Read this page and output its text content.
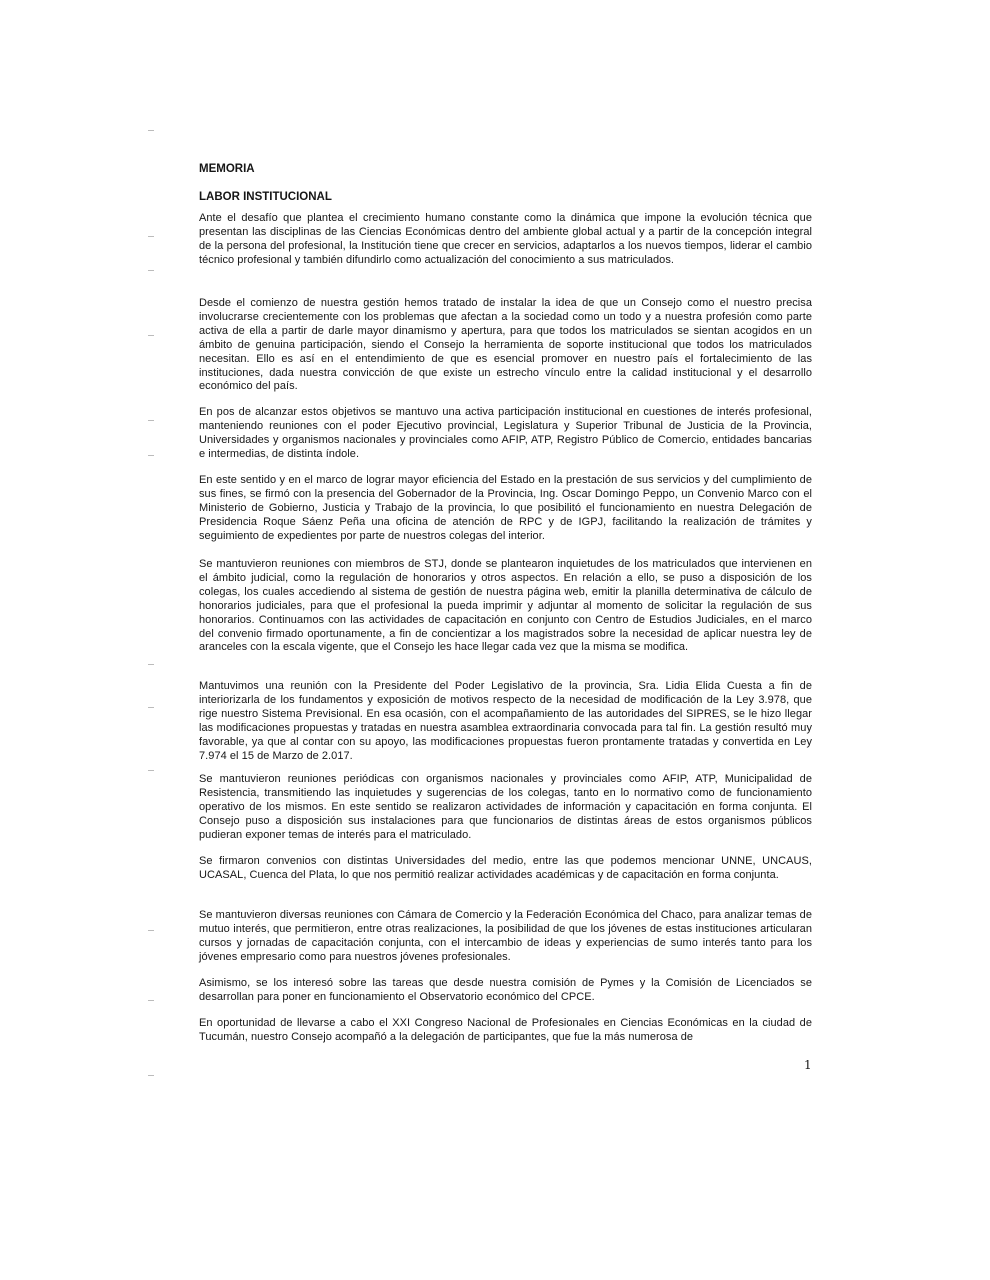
MEMORIA
LABOR INSTITUCIONAL

Ante el desafío que plantea el crecimiento humano constante como la dinámica que impone la evolución técnica que presentan las disciplinas de las Ciencias Económicas dentro del ambiente global actual y a partir de la concepción integral de la persona del profesional, la Institución tiene que crecer en servicios, adaptarlos a los nuevos tiempos, liderar el cambio técnico profesional y también difundirlo como actualización del conocimiento a sus matriculados.

Desde el comienzo de nuestra gestión hemos tratado de instalar la idea de que un Consejo como el nuestro precisa involucrarse crecientemente con los problemas que afectan a la sociedad como un todo y a nuestra profesión como parte activa de ella a partir de darle mayor dinamismo y apertura, para que todos los matriculados se sientan acogidos en un ámbito de genuina participación, siendo el Consejo la herramienta de soporte institucional que todos los matriculados necesitan. Ello es así en el entendimiento de que es esencial promover en nuestro país el fortalecimiento de las instituciones, dada nuestra convicción de que existe un estrecho vínculo entre la calidad institucional y el desarrollo económico del país.

En pos de alcanzar estos objetivos se mantuvo una activa participación institucional en cuestiones de interés profesional, manteniendo reuniones con el poder Ejecutivo provincial, Legislatura y Superior Tribunal de Justicia de la Provincia, Universidades y organismos nacionales y provinciales como AFIP, ATP, Registro Público de Comercio, entidades bancarias e intermedias, de distinta índole.

En este sentido y en el marco de lograr mayor eficiencia del Estado en la prestación de sus servicios y del cumplimiento de sus fines, se firmó con la presencia del Gobernador de la Provincia, Ing. Oscar Domingo Peppo, un Convenio Marco con el Ministerio de Gobierno, Justicia y Trabajo de la provincia, lo que posibilitó el funcionamiento en nuestra Delegación de Presidencia Roque Sáenz Peña una oficina de atención de RPC y de IGPJ, facilitando la realización de trámites y seguimiento de expedientes por parte de nuestros colegas del interior.

Se mantuvieron reuniones con miembros de STJ, donde se plantearon inquietudes de los matriculados que intervienen en el ámbito judicial, como la regulación de honorarios y otros aspectos. En relación a ello, se puso a disposición de los colegas, los cuales accediendo al sistema de gestión de nuestra página web, emitir la planilla determinativa de cálculo de honorarios judiciales, para que el profesional la pueda imprimir y adjuntar al momento de solicitar la regulación de sus honorarios. Continuamos con las actividades de capacitación en conjunto con Centro de Estudios Judiciales, en el marco del convenio firmado oportunamente, a fin de concientizar a los magistrados sobre la necesidad de aplicar nuestra ley de aranceles con la escala vigente, que el Consejo les hace llegar cada vez que la misma se modifica.

Mantuvimos una reunión con la Presidente del Poder Legislativo de la provincia, Sra. Lidia Elida Cuesta a fin de interiorizarla de los fundamentos y exposición de motivos respecto de la necesidad de modificación de la Ley 3.978, que rige nuestro Sistema Previsional. En esa ocasión, con el acompañamiento de las autoridades del SIPRES, se le hizo llegar las modificaciones propuestas y tratadas en nuestra asamblea extraordinaria convocada para tal fin. La gestión resultó muy favorable, ya que al contar con su apoyo, las modificaciones propuestas fueron prontamente tratadas y convertida en Ley 7.974 el 15 de Marzo de 2.017.

Se mantuvieron reuniones periódicas con organismos nacionales y provinciales como AFIP, ATP, Municipalidad de Resistencia, transmitiendo las inquietudes y sugerencias de los colegas, tanto en lo normativo como de funcionamiento operativo de los mismos. En este sentido se realizaron actividades de información y capacitación en forma conjunta. El Consejo puso a disposición sus instalaciones para que funcionarios de distintas áreas de estos organismos públicos pudieran exponer temas de interés para el matriculado.

Se firmaron convenios con distintas Universidades del medio, entre las que podemos mencionar UNNE, UNCAUS, UCASAL, Cuenca del Plata, lo que nos permitió realizar actividades académicas y de capacitación en forma conjunta.

Se mantuvieron diversas reuniones con Cámara de Comercio y la Federación Económica del Chaco, para analizar temas de mutuo interés, que permitieron, entre otras realizaciones, la posibilidad de que los jóvenes de estas instituciones articularan cursos y jornadas de capacitación conjunta, con el intercambio de ideas y experiencias de sumo interés tanto para los jóvenes empresario como para nuestros jóvenes profesionales.

Asimismo, se los interesó sobre las tareas que desde nuestra comisión de Pymes y la Comisión de Licenciados se desarrollan para poner en funcionamiento el Observatorio económico del CPCE.

En oportunidad de llevarse a cabo el XXI Congreso Nacional de Profesionales en Ciencias Económicas en la ciudad de Tucumán, nuestro Consejo acompañó a la delegación de participantes, que fue la más numerosa de

1
